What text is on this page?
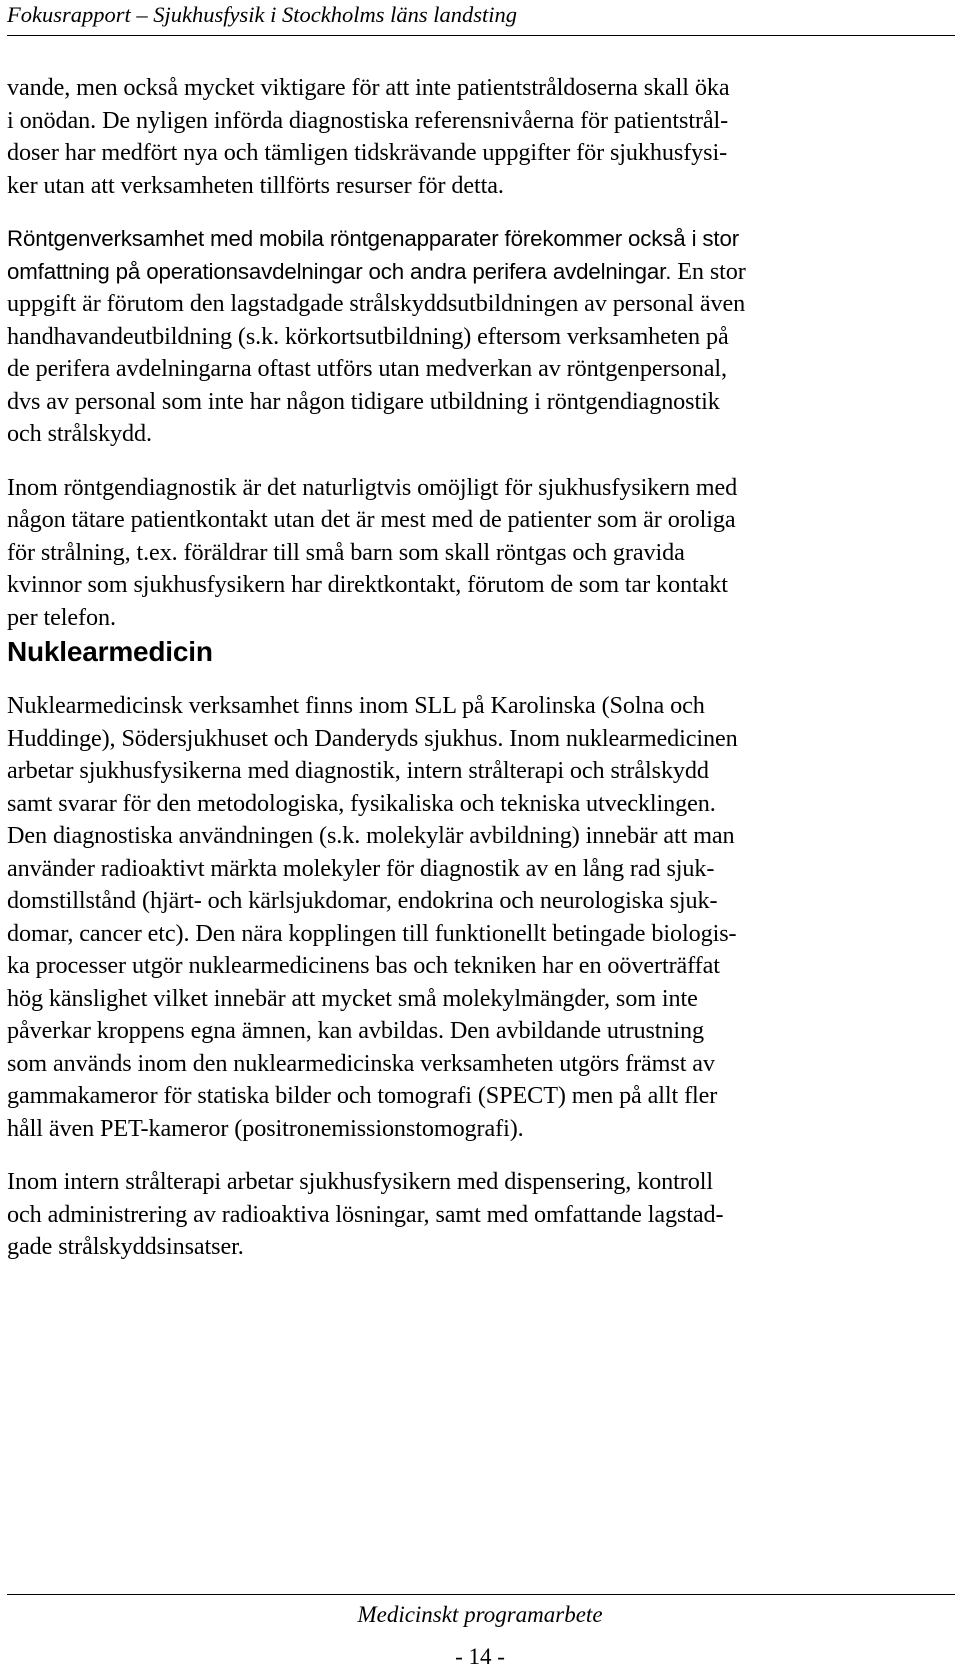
Fokusrapport – Sjukhusfysik i Stockholms läns landsting

vande, men också mycket viktigare för att inte patientstråldoserna skall öka
i onödan. De nyligen införda diagnostiska referensnivåerna för patientstrål-
doser har medfört nya och tämligen tidskrävande uppgifter för sjukhusfysi-
ker utan att verksamheten tillförts resurser för detta.

Röntgenverksamhet med mobila röntgenapparater förekommer också i stor
omfattning på operationsavdelningar och andra perifera avdelningar. En stor
uppgift är förutom den lagstadgade strålskyddsutbildningen av personal även
handhavandeutbildning (s.k. körkortsutbildning) eftersom verksamheten på
de perifera avdelningarna oftast utförs utan medverkan av röntgenpersonal,
dvs av personal som inte har någon tidigare utbildning i röntgendiagnostik
och strålskydd.

Inom röntgendiagnostik är det naturligtvis omöjligt för sjukhusfysikern med
någon tätare patientkontakt utan det är mest med de patienter som är oroliga
för strålning, t.ex. föräldrar till små barn som skall röntgas och gravida
kvinnor som sjukhusfysikern har direktkontakt, förutom de som tar kontakt
per telefon.

Nuklearmedicin

Nuklearmedicinsk verksamhet finns inom SLL på Karolinska (Solna och
Huddinge), Södersjukhuset och Danderyds sjukhus. Inom nuklearmedicinen
arbetar sjukhusfysikerna med diagnostik, intern strålterapi och strålskydd
samt svarar för den metodologiska, fysikaliska och tekniska utvecklingen.
Den diagnostiska användningen (s.k. molekylär avbildning) innebär att man
använder radioaktivt märkta molekyler för diagnostik av en lång rad sjuk-
domstillstånd (hjärt- och kärlsjukdomar, endokrina och neurologiska sjuk-
domar, cancer etc). Den nära kopplingen till funktionellt betingade biologis-
ka processer utgör nuklearmedicinens bas och tekniken har en oöverträffat
hög känslighet vilket innebär att mycket små molekylmängder, som inte
påverkar kroppens egna ämnen, kan avbildas. Den avbildande utrustning
som används inom den nuklearmedicinska verksamheten utgörs främst av
gammakameror för statiska bilder och tomografi (SPECT) men på allt fler
håll även PET-kameror (positronemissionstomografi).

Inom intern strålterapi arbetar sjukhusfysikern med dispensering, kontroll
och administrering av radioaktiva lösningar, samt med omfattande lagstad-
gade strålskyddsinsatser.

Medicinskt programarbete
- 14 -
